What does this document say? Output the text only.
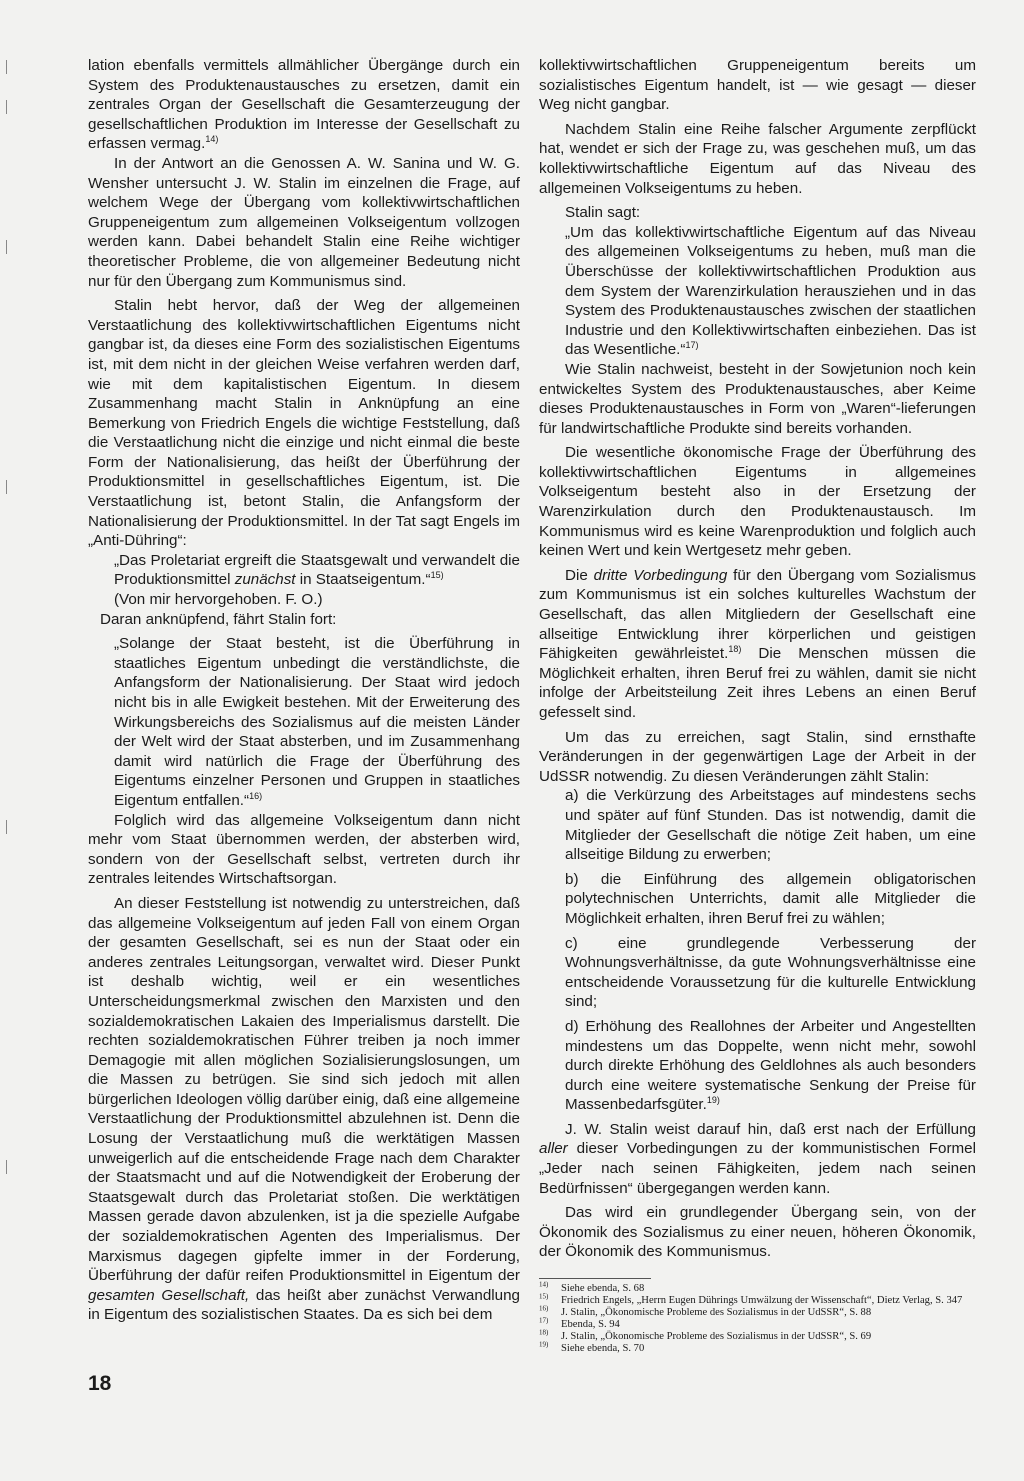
lation ebenfalls vermittels allmählicher Übergänge durch ein System des Produktenaustausches zu ersetzen, damit ein zentrales Organ der Gesellschaft die Gesamterzeugung der gesellschaftlichen Produktion im Interesse der Gesellschaft zu erfassen vermag.$^{14)}$

In der Antwort an die Genossen A. W. Sanina und W. G. Wensher untersucht J. W. Stalin im einzelnen die Frage, auf welchem Wege der Übergang vom kollektivwirtschaftlichen Gruppeneigentum zum allgemeinen Volkseigentum vollzogen werden kann. Dabei behandelt Stalin eine Reihe wichtiger theoretischer Probleme, die von allgemeiner Bedeutung nicht nur für den Übergang zum Kommunismus sind.

Stalin hebt hervor, daß der Weg der allgemeinen Verstaatlichung des kollektivwirtschaftlichen Eigentums nicht gangbar ist, da dieses eine Form des sozialistischen Eigentums ist, mit dem nicht in der gleichen Weise verfahren werden darf, wie mit dem kapitalistischen Eigentum. In diesem Zusammenhang macht Stalin in Anknüpfung an eine Bemerkung von Friedrich Engels die wichtige Feststellung, daß die Verstaatlichung nicht die einzige und nicht einmal die beste Form der Nationalisierung, das heißt der Überführung der Produktionsmittel in gesellschaftliches Eigentum, ist. Die Verstaatlichung ist, betont Stalin, die Anfangsform der Nationalisierung der Produktionsmittel. In der Tat sagt Engels im „Anti-Dühring“:

„Das Proletariat ergreift die Staatsgewalt und verwandelt die Produktionsmittel zunächst in Staatseigentum.“$^{15)}$

(Von mir hervorgehoben. F. O.)

Daran anknüpfend, fährt Stalin fort:

„Solange der Staat besteht, ist die Überführung in staatliches Eigentum unbedingt die verständlichste, die Anfangsform der Nationalisierung. Der Staat wird jedoch nicht bis in alle Ewigkeit bestehen. Mit der Erweiterung des Wirkungsbereichs des Sozialismus auf die meisten Länder der Welt wird der Staat absterben, und im Zusammenhang damit wird natürlich die Frage der Überführung des Eigentums einzelner Personen und Gruppen in staatliches Eigentum entfallen.“$^{16)}$

Folglich wird das allgemeine Volkseigentum dann nicht mehr vom Staat übernommen werden, der absterben wird, sondern von der Gesellschaft selbst, vertreten durch ihr zentrales leitendes Wirtschaftsorgan.

An dieser Feststellung ist notwendig zu unterstreichen, daß das allgemeine Volkseigentum auf jeden Fall von einem Organ der gesamten Gesellschaft, sei es nun der Staat oder ein anderes zentrales Leitungsorgan, verwaltet wird. Dieser Punkt ist deshalb wichtig, weil er ein wesentliches Unterscheidungsmerkmal zwischen den Marxisten und den sozialdemokratischen Lakaien des Imperialismus darstellt. Die rechten sozialdemokratischen Führer treiben ja noch immer Demagogie mit allen möglichen Sozialisierungslosungen, um die Massen zu betrügen. Sie sind sich jedoch mit allen bürgerlichen Ideologen völlig darüber einig, daß eine allgemeine Verstaatlichung der Produktionsmittel abzulehnen ist. Denn die Losung der Verstaatlichung muß die werktätigen Massen unweigerlich auf die entscheidende Frage nach dem Charakter der Staatsmacht und auf die Notwendigkeit der Eroberung der Staatsgewalt durch das Proletariat stoßen. Die werktätigen Massen gerade davon abzulenken, ist ja die spezielle Aufgabe der sozialdemokratischen Agenten des Imperialismus. Der Marxismus dagegen gipfelte immer in der Forderung, Überführung der dafür reifen Produktionsmittel in Eigentum der gesamten Gesellschaft, das heißt aber zunächst Verwandlung in Eigentum des sozialistischen Staates. Da es sich bei dem

kollektivwirtschaftlichen Gruppeneigentum bereits um sozialistisches Eigentum handelt, ist — wie gesagt — dieser Weg nicht gangbar.

Nachdem Stalin eine Reihe falscher Argumente zerpflückt hat, wendet er sich der Frage zu, was geschehen muß, um das kollektivwirtschaftliche Eigentum auf das Niveau des allgemeinen Volkseigentums zu heben.

Stalin sagt:

„Um das kollektivwirtschaftliche Eigentum auf das Niveau des allgemeinen Volkseigentums zu heben, muß man die Überschüsse der kollektivwirtschaftlichen Produktion aus dem System der Warenzirkulation herausziehen und in das System des Produktenaustausches zwischen der staatlichen Industrie und den Kollektivwirtschaften einbeziehen. Das ist das Wesentliche.“$^{17)}$

Wie Stalin nachweist, besteht in der Sowjetunion noch kein entwickeltes System des Produktenaustausches, aber Keime dieses Produktenaustausches in Form von „Waren“-lieferungen für landwirtschaftliche Produkte sind bereits vorhanden.

Die wesentliche ökonomische Frage der Überführung des kollektivwirtschaftlichen Eigentums in allgemeines Volkseigentum besteht also in der Ersetzung der Warenzirkulation durch den Produktenaustausch. Im Kommunismus wird es keine Warenproduktion und folglich auch keinen Wert und kein Wertgesetz mehr geben.

Die dritte Vorbedingung für den Übergang vom Sozialismus zum Kommunismus ist ein solches kulturelles Wachstum der Gesellschaft, das allen Mitgliedern der Gesellschaft eine allseitige Entwicklung ihrer körperlichen und geistigen Fähigkeiten gewährleistet.$^{18)}$ Die Menschen müssen die Möglichkeit erhalten, ihren Beruf frei zu wählen, damit sie nicht infolge der Arbeitsteilung Zeit ihres Lebens an einen Beruf gefesselt sind.

Um das zu erreichen, sagt Stalin, sind ernsthafte Veränderungen in der gegenwärtigen Lage der Arbeit in der UdSSR notwendig. Zu diesen Veränderungen zählt Stalin:

a) die Verkürzung des Arbeitstages auf mindestens sechs und später auf fünf Stunden. Das ist notwendig, damit die Mitglieder der Gesellschaft die nötige Zeit haben, um eine allseitige Bildung zu erwerben;

b) die Einführung des allgemein obligatorischen polytechnischen Unterrichts, damit alle Mitglieder die Möglichkeit erhalten, ihren Beruf frei zu wählen;

c) eine grundlegende Verbesserung der Wohnungsverhältnisse, da gute Wohnungsverhältnisse eine entscheidende Voraussetzung für die kulturelle Entwicklung sind;

d) Erhöhung des Reallohnes der Arbeiter und Angestellten mindestens um das Doppelte, wenn nicht mehr, sowohl durch direkte Erhöhung des Geldlohnes als auch besonders durch eine weitere systematische Senkung der Preise für Massenbedarfsgüter.$^{19)}$

J. W. Stalin weist darauf hin, daß erst nach der Erfüllung aller dieser Vorbedingungen zu der kommunistischen Formel „Jeder nach seinen Fähigkeiten, jedem nach seinen Bedürfnissen“ übergegangen werden kann.

Das wird ein grundlegender Übergang sein, von der Ökonomik des Sozialismus zu einer neuen, höheren Ökonomik, der Ökonomik des Kommunismus.

$^{14)}$	Siehe ebenda, S. 68
$^{15)}$	Friedrich Engels, „Herrn Eugen Dührings Umwälzung der Wissenschaft“, Dietz Verlag, S. 347
$^{16)}$	J. Stalin, „Ökonomische Probleme des Sozialismus in der UdSSR“, S. 88
$^{17)}$	Ebenda, S. 94
$^{18)}$	J. Stalin, „Ökonomische Probleme des Sozialismus in der UdSSR“, S. 69
$^{19)}$	Siehe ebenda, S. 70
18
